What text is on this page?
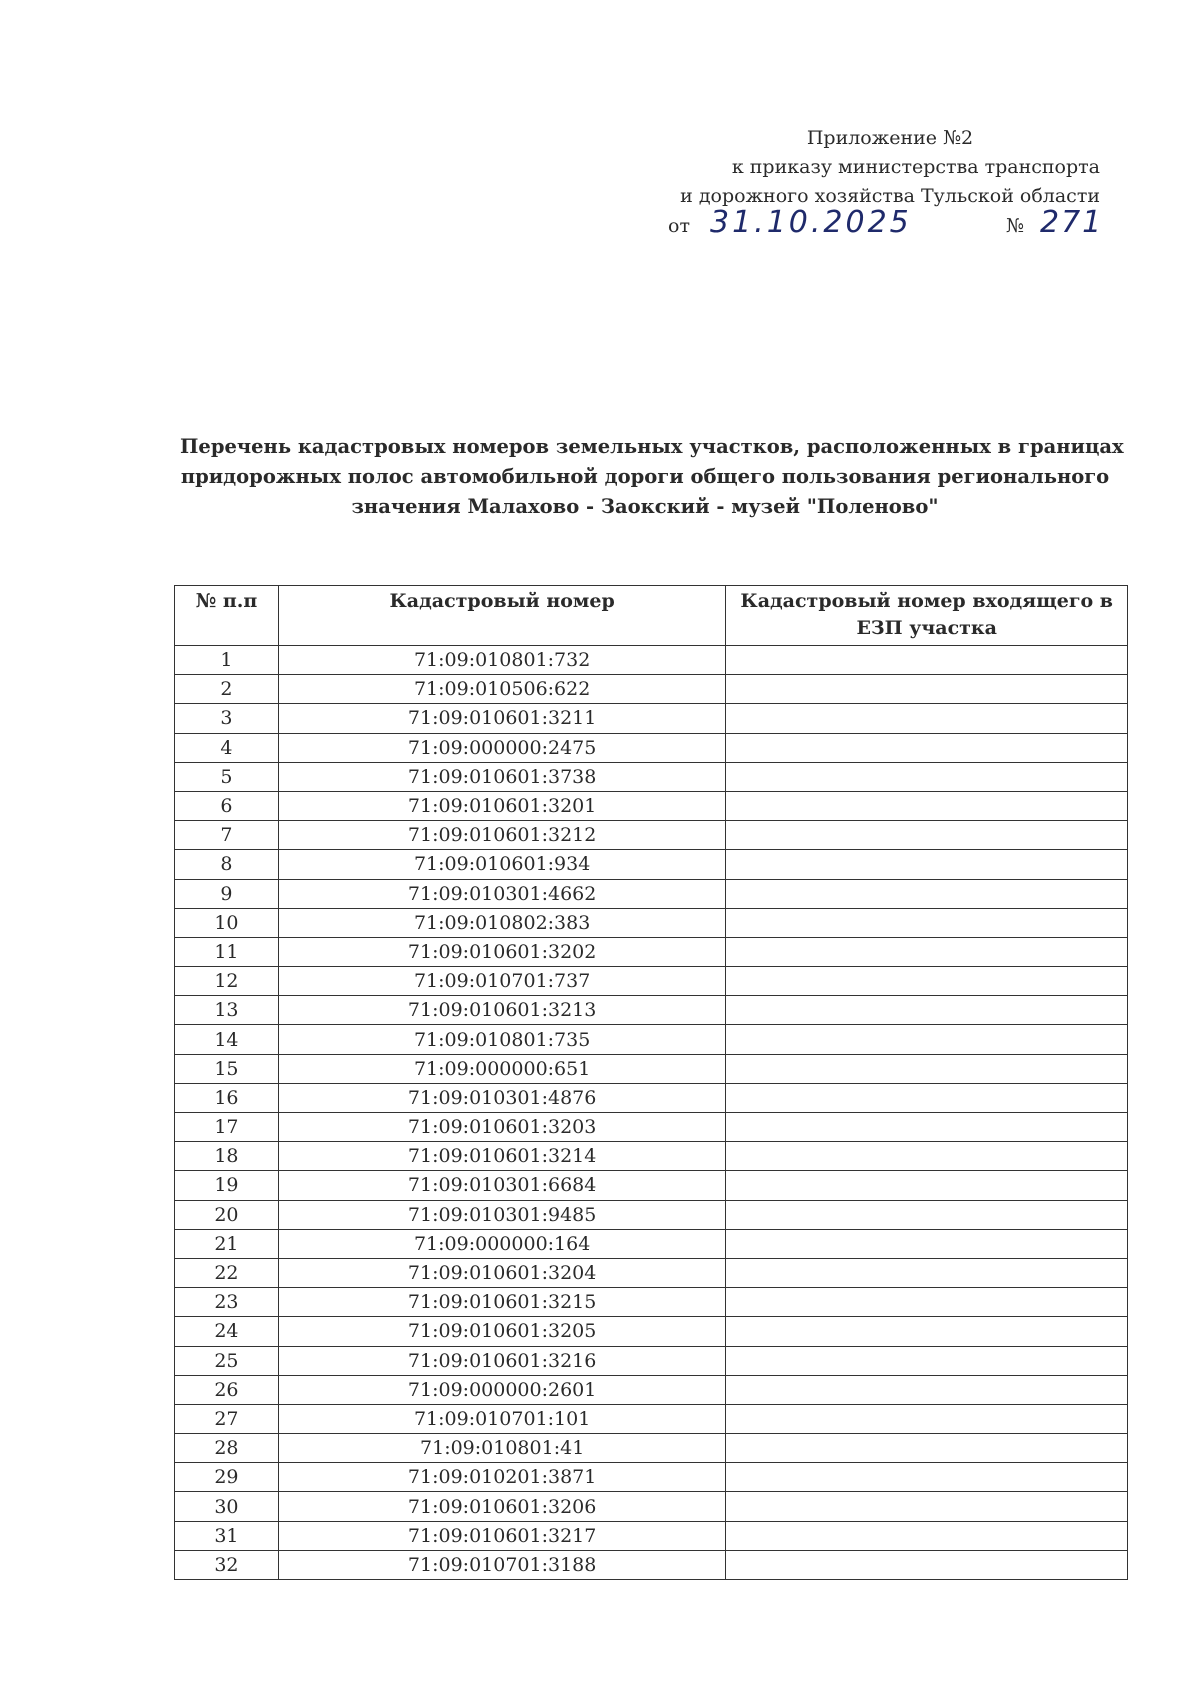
Приложение №2
к приказу министерства транспорта
и дорожного хозяйства Тульской области
от 31.10.2025	№ 271
Перечень кадастровых номеров земельных участков, расположенных в границах
придорожных полос автомобильной дороги общего пользования регионального
значения Малахово - Заокский - музей "Поленово"
№ п.п	Кадастровый номер	Кадастровый номер входящего в ЕЗП участка
1	71:09:010801:732	
2	71:09:010506:622	
3	71:09:010601:3211	
4	71:09:000000:2475	
5	71:09:010601:3738	
6	71:09:010601:3201	
7	71:09:010601:3212	
8	71:09:010601:934	
9	71:09:010301:4662	
10	71:09:010802:383	
11	71:09:010601:3202	
12	71:09:010701:737	
13	71:09:010601:3213	
14	71:09:010801:735	
15	71:09:000000:651	
16	71:09:010301:4876	
17	71:09:010601:3203	
18	71:09:010601:3214	
19	71:09:010301:6684	
20	71:09:010301:9485	
21	71:09:000000:164	
22	71:09:010601:3204	
23	71:09:010601:3215	
24	71:09:010601:3205	
25	71:09:010601:3216	
26	71:09:000000:2601	
27	71:09:010701:101	
28	71:09:010801:41	
29	71:09:010201:3871	
30	71:09:010601:3206	
31	71:09:010601:3217	
32	71:09:010701:3188	
